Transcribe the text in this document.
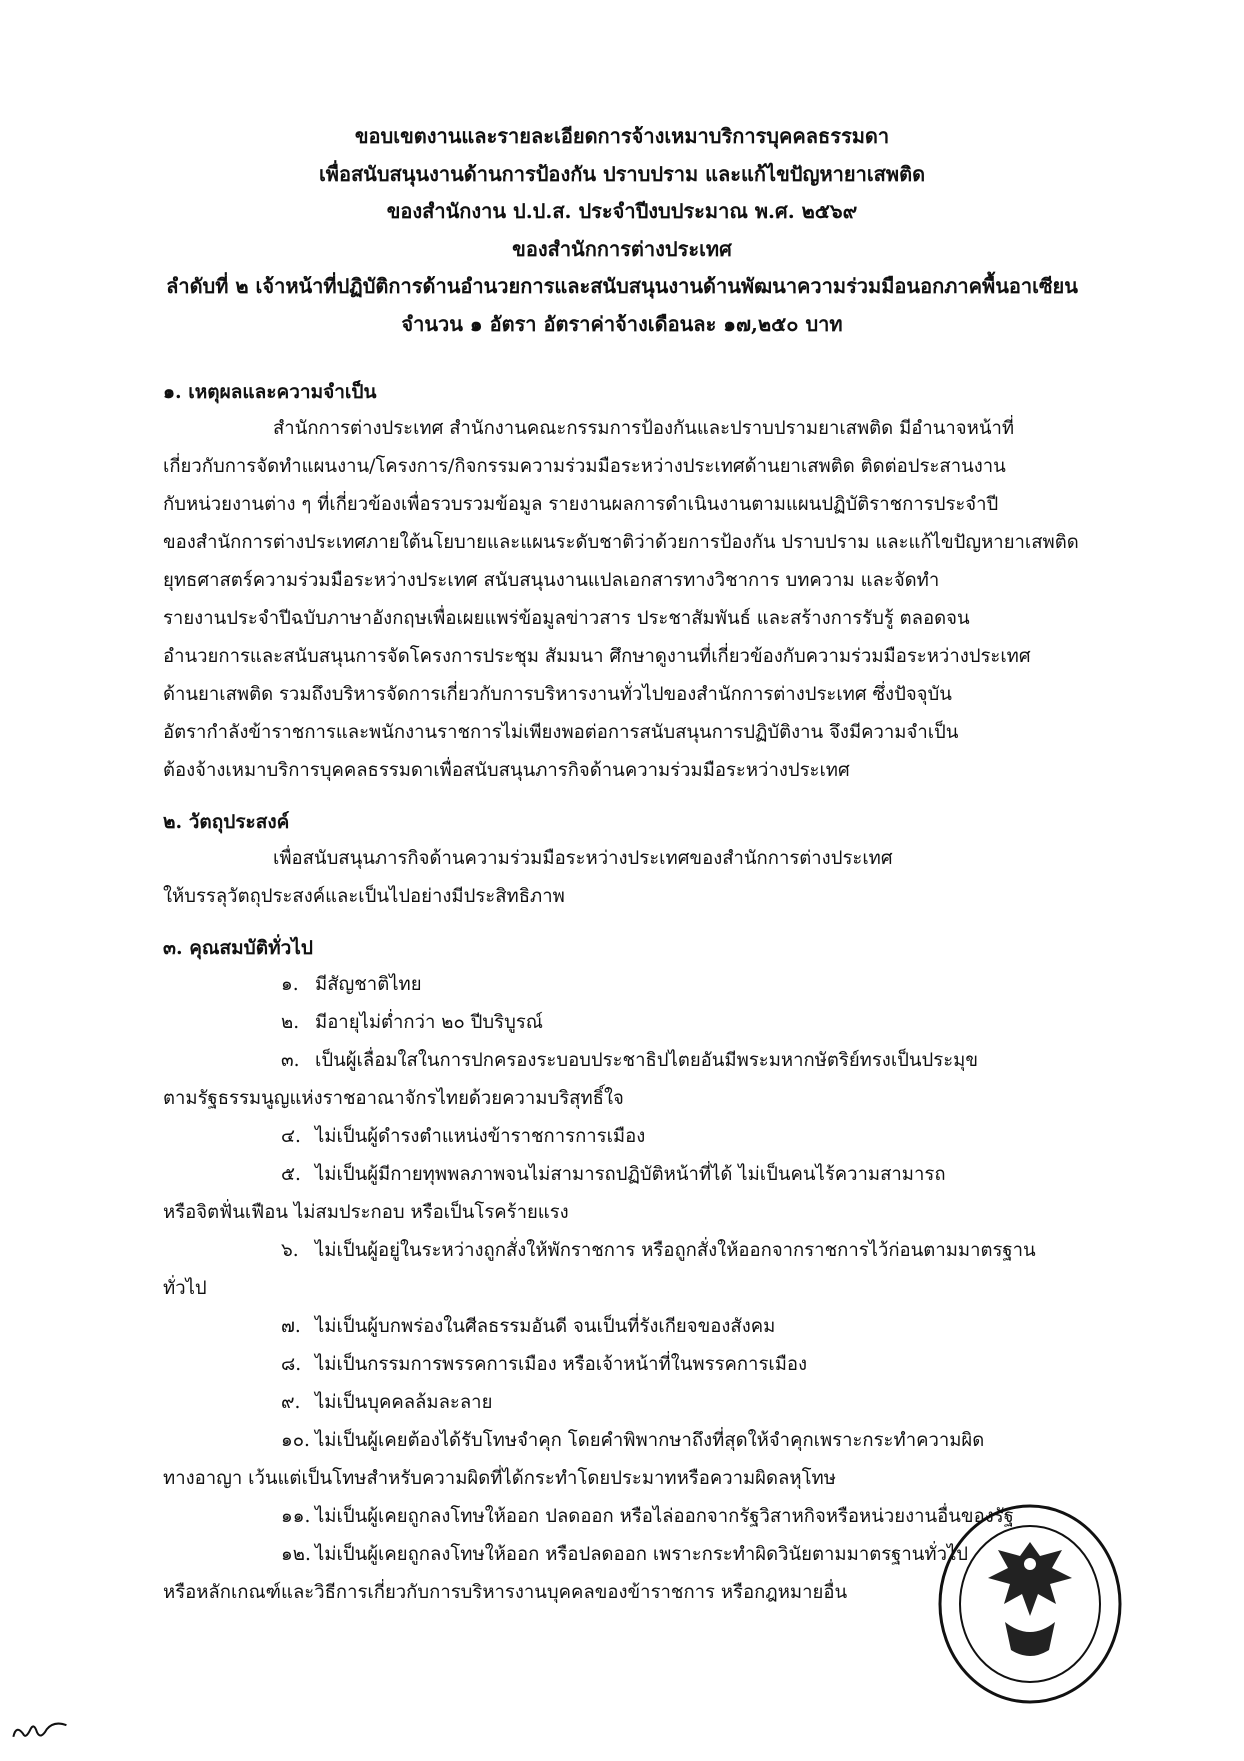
ขอบเขตงานและรายละเอียดการจ้างเหมาบริการบุคคลธรรมดา
เพื่อสนับสนุนงานด้านการป้องกัน ปราบปราม และแก้ไขปัญหายาเสพติด
ของสำนักงาน ป.ป.ส. ประจำปีงบประมาณ พ.ศ. ๒๕๖๙
ของสำนักการต่างประเทศ
ลำดับที่ ๒ เจ้าหน้าที่ปฏิบัติการด้านอำนวยการและสนับสนุนงานด้านพัฒนาความร่วมมือนอกภาคพื้นอาเซียน
จำนวน ๑ อัตรา อัตราค่าจ้างเดือนละ ๑๗,๒๕๐ บาท
๑. เหตุผลและความจำเป็น
สำนักการต่างประเทศ สำนักงานคณะกรรมการป้องกันและปราบปรามยาเสพติด มีอำนาจหน้าที่
เกี่ยวกับการจัดทำแผนงาน/โครงการ/กิจกรรมความร่วมมือระหว่างประเทศด้านยาเสพติด ติดต่อประสานงาน
กับหน่วยงานต่าง ๆ ที่เกี่ยวข้องเพื่อรวบรวมข้อมูล รายงานผลการดำเนินงานตามแผนปฏิบัติราชการประจำปี
ของสำนักการต่างประเทศภายใต้นโยบายและแผนระดับชาติว่าด้วยการป้องกัน ปราบปราม และแก้ไขปัญหายาเสพติด
ยุทธศาสตร์ความร่วมมือระหว่างประเทศ สนับสนุนงานแปลเอกสารทางวิชาการ บทความ และจัดทำ
รายงานประจำปีฉบับภาษาอังกฤษเพื่อเผยแพร่ข้อมูลข่าวสาร ประชาสัมพันธ์ และสร้างการรับรู้ ตลอดจน
อำนวยการและสนับสนุนการจัดโครงการประชุม สัมมนา ศึกษาดูงานที่เกี่ยวข้องกับความร่วมมือระหว่างประเทศ
ด้านยาเสพติด รวมถึงบริหารจัดการเกี่ยวกับการบริหารงานทั่วไปของสำนักการต่างประเทศ ซึ่งปัจจุบัน
อัตรากำลังข้าราชการและพนักงานราชการไม่เพียงพอต่อการสนับสนุนการปฏิบัติงาน จึงมีความจำเป็น
ต้องจ้างเหมาบริการบุคคลธรรมดาเพื่อสนับสนุนภารกิจด้านความร่วมมือระหว่างประเทศ
๒. วัตถุประสงค์
เพื่อสนับสนุนภารกิจด้านความร่วมมือระหว่างประเทศของสำนักการต่างประเทศ
ให้บรรลุวัตถุประสงค์และเป็นไปอย่างมีประสิทธิภาพ
๓. คุณสมบัติทั่วไป
๑. มีสัญชาติไทย
๒. มีอายุไม่ต่ำกว่า ๒๐ ปีบริบูรณ์
๓. เป็นผู้เลื่อมใสในการปกครองระบอบประชาธิปไตยอันมีพระมหากษัตริย์ทรงเป็นประมุข
ตามรัฐธรรมนูญแห่งราชอาณาจักรไทยด้วยความบริสุทธิ์ใจ
๔. ไม่เป็นผู้ดำรงตำแหน่งข้าราชการการเมือง
๕. ไม่เป็นผู้มีกายทุพพลภาพจนไม่สามารถปฏิบัติหน้าที่ได้ ไม่เป็นคนไร้ความสามารถ
หรือจิตฟั่นเฟือน ไม่สมประกอบ หรือเป็นโรคร้ายแรง
๖. ไม่เป็นผู้อยู่ในระหว่างถูกสั่งให้พักราชการ หรือถูกสั่งให้ออกจากราชการไว้ก่อนตามมาตรฐาน
ทั่วไป
๗. ไม่เป็นผู้บกพร่องในศีลธรรมอันดี จนเป็นที่รังเกียจของสังคม
๘. ไม่เป็นกรรมการพรรคการเมือง หรือเจ้าหน้าที่ในพรรคการเมือง
๙. ไม่เป็นบุคคลล้มละลาย
๑๐. ไม่เป็นผู้เคยต้องได้รับโทษจำคุก โดยคำพิพากษาถึงที่สุดให้จำคุกเพราะกระทำความผิด
ทางอาญา เว้นแต่เป็นโทษสำหรับความผิดที่ได้กระทำโดยประมาทหรือความผิดลหุโทษ
๑๑. ไม่เป็นผู้เคยถูกลงโทษให้ออก ปลดออก หรือไล่ออกจากรัฐวิสาหกิจหรือหน่วยงานอื่นของรัฐ
๑๒. ไม่เป็นผู้เคยถูกลงโทษให้ออก หรือปลดออก เพราะกระทำผิดวินัยตามมาตรฐานทั่วไป
หรือหลักเกณฑ์และวิธีการเกี่ยวกับการบริหารงานบุคคลของข้าราชการ หรือกฎหมายอื่น
